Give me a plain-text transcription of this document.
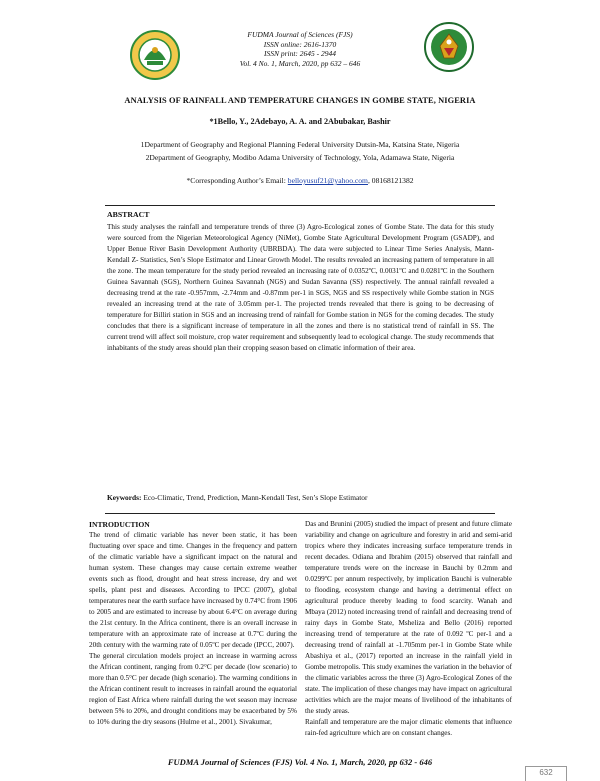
FUDMA Journal of Sciences (FJS)
ISSN online: 2616-1370
ISSN print: 2645 - 2944
Vol. 4 No. 1, March, 2020, pp 632 – 646
ANALYSIS OF RAINFALL AND TEMPERATURE CHANGES IN GOMBE STATE, NIGERIA
*1Bello, Y., 2Adebayo, A. A. and 2Abubakar, Bashir
1Department of Geography and Regional Planning Federal University Dutsin-Ma, Katsina State, Nigeria
2Department of Geography, Modibo Adama University of Technology, Yola, Adamawa State, Nigeria
*Corresponding Author’s Email: belloyusuf21@yahoo.com, 08168121382
ABSTRACT
This study analyses the rainfall and temperature trends of three (3) Agro-Ecological zones of Gombe State. The data for this study were sourced from the Nigerian Meteorological Agency (NiMet), Gombe State Agricultural Development Program (GSADP), and Upper Benue River Basin Development Authority (UBRBDA). The data were subjected to Linear Time Series Analysis, Mann-Kendall Z- Statistics, Sen’s Slope Estimator and Linear Growth Model. The results revealed an increasing pattern of temperature in all the zone. The mean temperature for the study period revealed an increasing rate of 0.0352ºC, 0.0031ºC and 0.0281ºC in the Southern Guinea Savannah (SGS), Northern Guinea Savannah (NGS) and Sudan Savanna (SS) respectively. The annual rainfall revealed a decreasing trend at the rate -0.957mm, -2.74mm and -0.87mm per-1 in SGS, NGS and SS respectively while Gombe station in NGS revealed an increasing trend at the rate of 3.05mm per-1. The projected trends revealed that there is going to be decreasing of temperature for Billiri station in SGS and an increasing trend of rainfall for Gombe station in NGS for the coming decades. The study concludes that there is a significant increase of temperature in all the zones and there is no statistical trend of rainfall in SS. The current trend will affect soil moisture, crop water requirement and subsequently lead to ecological change. The study recommends that inhabitants of the study areas should plan their cropping season based on climatic information of their area.
Keywords: Eco-Climatic, Trend, Prediction, Mann-Kendall Test, Sen’s Slope Estimator
INTRODUCTION

The trend of climatic variable has never been static, it has been fluctuating over space and time. Changes in the frequency and pattern of the climatic variable have a significant impact on the natural and human system. These changes may cause certain extreme weather events such as flood, drought and heat stress increase, dry and wet spells, plant pest and diseases. According to IPCC (2007), global temperatures near the earth surface have increased by 0.74°C from 1906 to 2005 and are estimated to increase by about 6.4°C on average during the 21st century. In the Africa continent, there is an overall increase in temperature with an approximate rate of increase at 0.7ºC during the 20th century with the warming rate of 0.05ºC per decade (IPCC, 2007).

The general circulation models project an increase in warming across the African continent, ranging from 0.2°C per decade (low scenario) to more than 0.5°C per decade (high scenario). The warming conditions in the African continent result to increases in rainfall around the equatorial region of East Africa where rainfall during the wet season may increase between 5% to 20%, and drought conditions may be exacerbated by 5% to 10% during the dry seasons (Hulme et al., 2001). Sivakumar,

Das and Brunini (2005) studied the impact of present and future climate variability and change on agriculture and forestry in arid and semi-arid tropics where they indicates increasing surface temperature trends in recent decades. Odiana and Ibrahim (2015) observed that rainfall and temperature trends were on the increase in Bauchi by 0.2mm and 0.0299ºC per annum respectively, by implication Bauchi is vulnerable to flooding, ecosystem change and having a detrimental effect on agricultural produce thereby leading to food scarcity. Wanah and Mbaya (2012) noted increasing trend of rainfall and decreasing trend of rainy days in Gombe State, Msheliza and Bello (2016) reported increasing trend of temperature at the rate of 0.092 ºC per-1 and a decreasing trend of rainfall at -1.705mm per-1 in Gombe State while Abashiya et al., (2017) reported an increase in the rainfall yield in Gombe metropolis. This study examines the variation in the behavior of the climatic variables across the three (3) Agro-Ecological Zones of the state. The implication of these changes may have impact on agricultural activities which are the major means of livelihood of the inhabitants of the study areas.

Rainfall and temperature are the major climatic elements that influence rain-fed agriculture which are on constant changes.

FUDMA Journal of Sciences (FJS) Vol. 4 No. 1, March, 2020, pp 632 - 646
632
